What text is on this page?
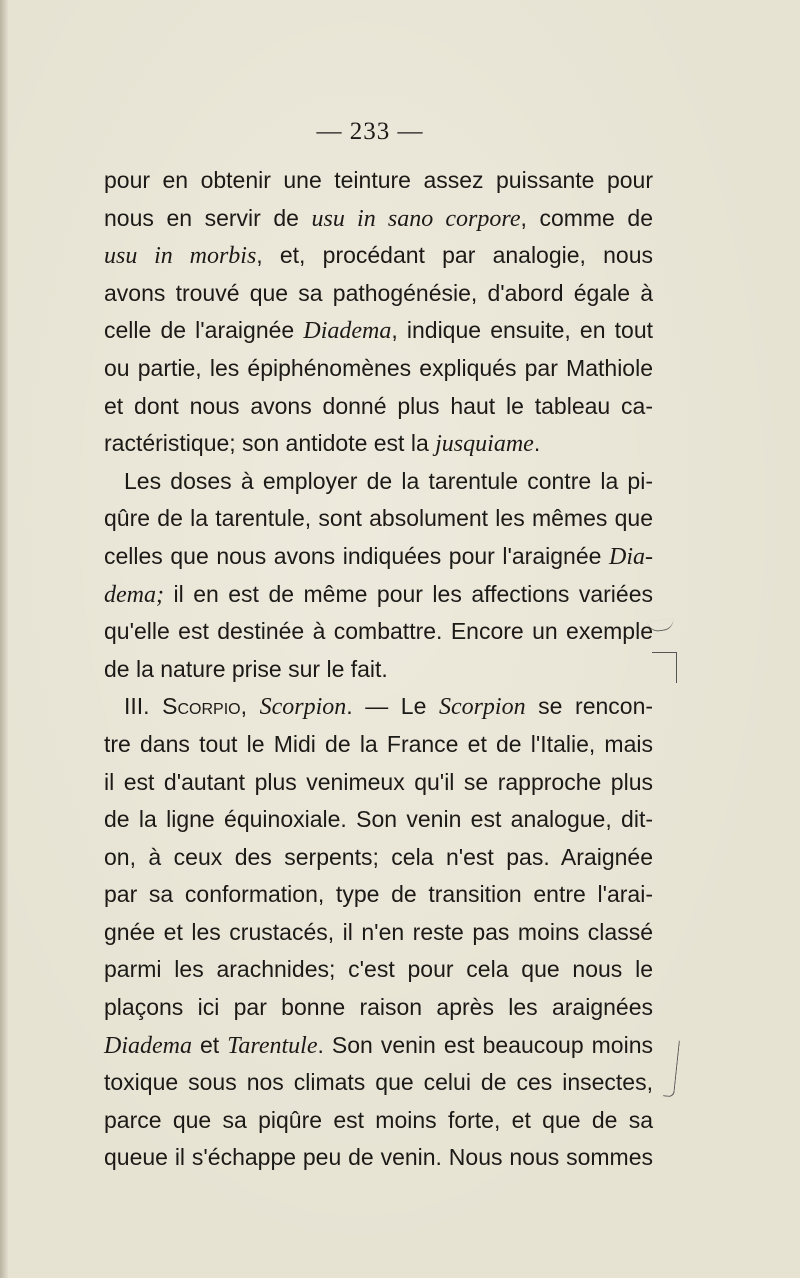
— 233 —
pour en obtenir une teinture assez puissante pour
nous en servir de usu in sano corpore, comme de
usu in morbis, et, procédant par analogie, nous
avons trouvé que sa pathogénésie, d'abord égale à
celle de l'araignée Diadema, indique ensuite, en tout
ou partie, les épiphénomènes expliqués par Mathiole
et dont nous avons donné plus haut le tableau ca-
ractéristique; son antidote est la jusquiame.
Les doses à employer de la tarentule contre la pi-
qûre de la tarentule, sont absolument les mêmes que
celles que nous avons indiquées pour l'araignée Dia-
dema; il en est de même pour les affections variées
qu'elle est destinée à combattre. Encore un exemple
de la nature prise sur le fait.
III. Scorpio, Scorpion. — Le Scorpion se rencon-
tre dans tout le Midi de la France et de l'Italie, mais
il est d'autant plus venimeux qu'il se rapproche plus
de la ligne équinoxiale. Son venin est analogue, dit-
on, à ceux des serpents; cela n'est pas. Araignée
par sa conformation, type de transition entre l'arai-
gnée et les crustacés, il n'en reste pas moins classé
parmi les arachnides; c'est pour cela que nous le
plaçons ici par bonne raison après les araignées
Diadema et Tarentule. Son venin est beaucoup moins
toxique sous nos climats que celui de ces insectes,
parce que sa piqûre est moins forte, et que de sa
queue il s'échappe peu de venin. Nous nous sommes
